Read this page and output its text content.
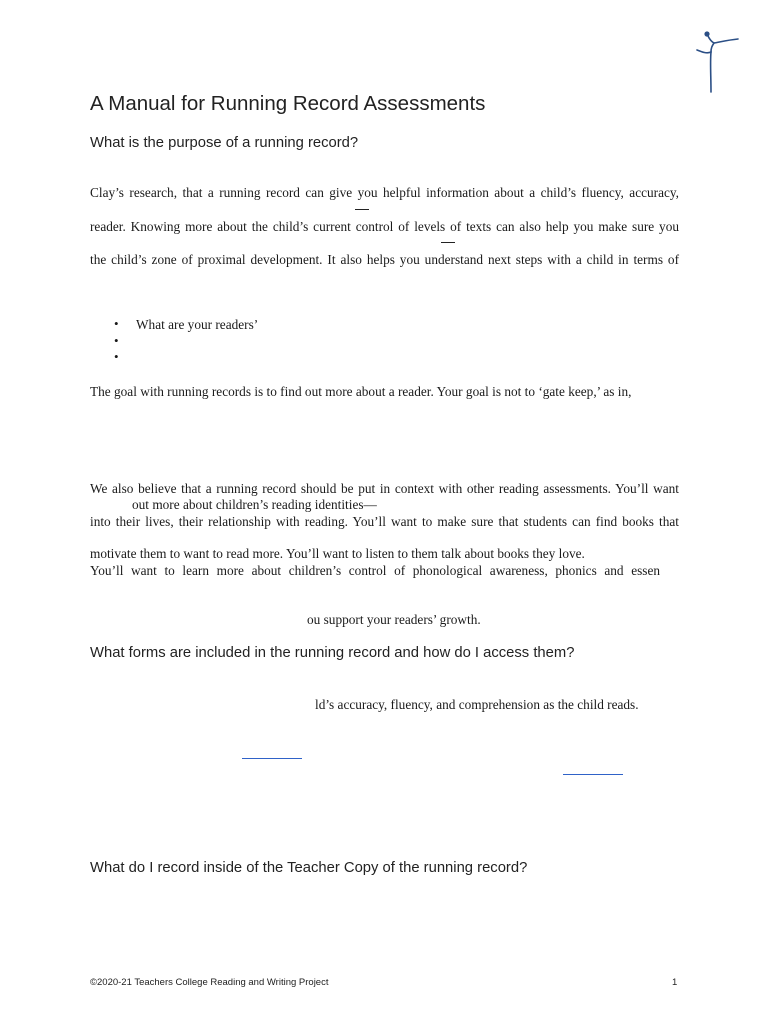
A Manual for Running Record Assessments
What is the purpose of a running record?
Clay’s research, that a running record can give you helpful information about a child’s fluency, accuracy,
reader. Knowing more about the child’s current control of levels of texts can also help you make sure you
the child’s zone of proximal development. It also helps you understand next steps with a child in terms of
• What are your readers’
•
•
The goal with running records is to find out more about a reader. Your goal is not to ‘gate keep,’ as in,
We also believe that a running record should be put in context with other reading assessments. You’ll want
out more about children’s reading identities—
into their lives, their relationship with reading. You’ll want to make sure that students can find books that
motivate them to want to read more. You’ll want to listen to them talk about books they love.
You’ll want to learn more about children’s control of phonological awareness, phonics and essen
ou support your readers’ growth.
What forms are included in the running record and how do I access them?
ld’s accuracy, fluency, and comprehension as the child reads.
What do I record inside of the Teacher Copy of the running record?
©2020-21 Teachers College Reading and Writing Project	1
